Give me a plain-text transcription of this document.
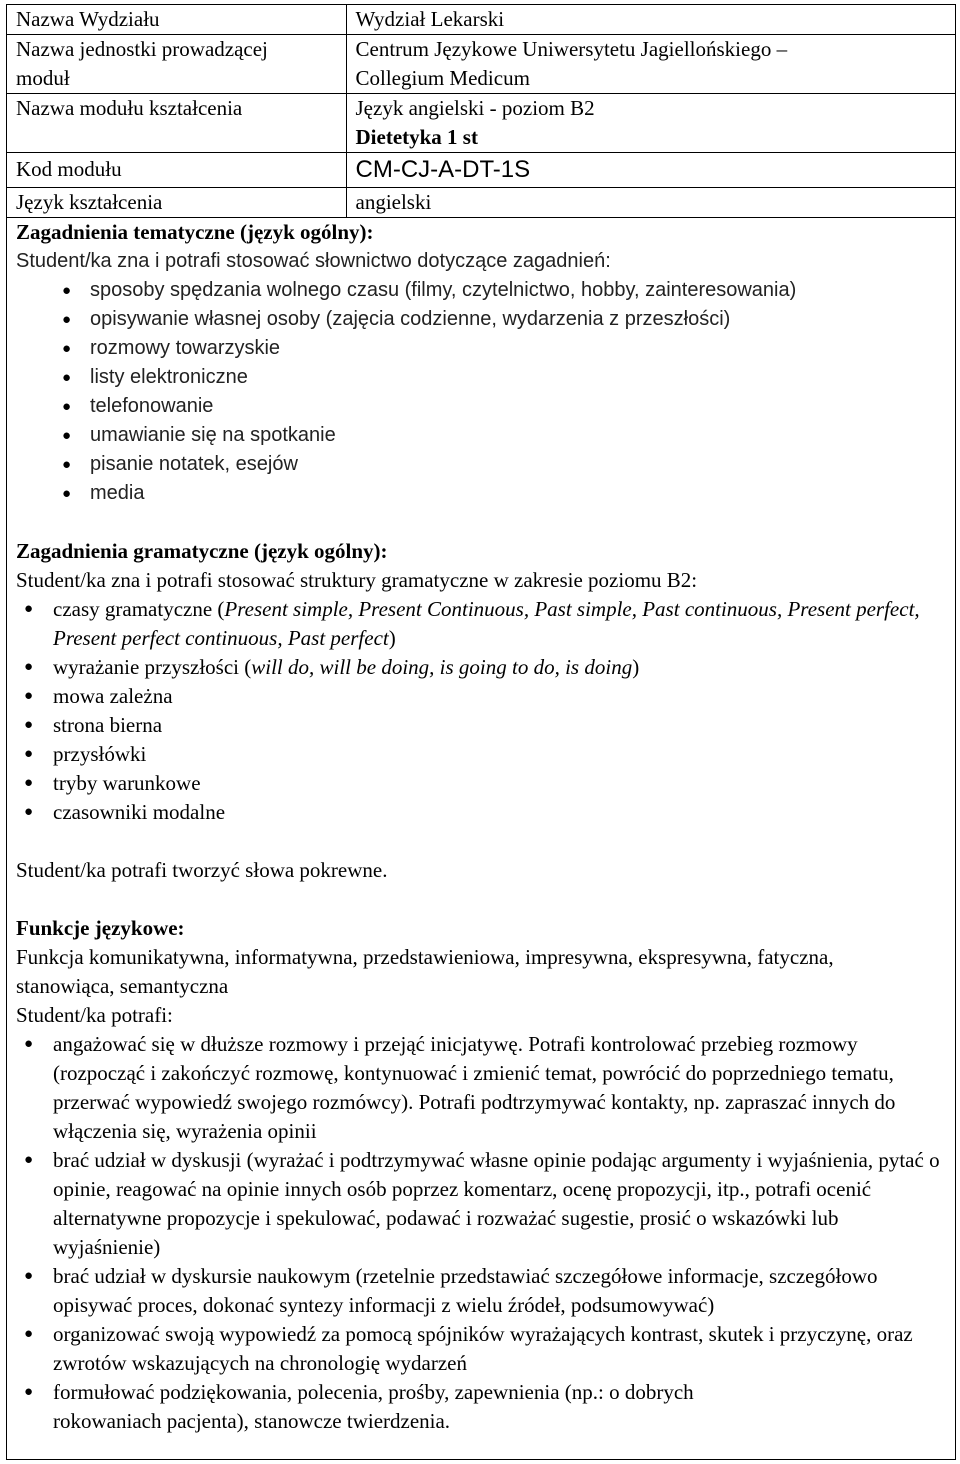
Nazwa Wydziału	Wydział Lekarski
Nazwa jednostki prowadzącej moduł	Centrum Językowe Uniwersytetu Jagiellońskiego – Collegium Medicum
Nazwa modułu kształcenia	Język angielski - poziom B2
Dietetyka 1 st

Kod modułu	CM-CJ-A-DT-1S
Język kształcenia	angielski
Zagadnienia tematyczne (język ogólny):
Student/ka zna i potrafi stosować słownictwo dotyczące zagadnień:
● sposoby spędzania wolnego czasu (filmy, czytelnictwo, hobby, zainteresowania)
● opisywanie własnej osoby (zajęcia codzienne, wydarzenia z przeszłości)
● rozmowy towarzyskie
● listy elektroniczne
● telefonowanie
● umawianie się na spotkanie
● pisanie notatek, esejów
● media
Zagadnienia gramatyczne (język ogólny):
Student/ka zna i potrafi stosować struktury gramatyczne w zakresie poziomu B2:
● czasy gramatyczne (Present simple, Present Continuous, Past simple, Past continuous, Present perfect, Present perfect continuous, Past perfect)
● wyrażanie przyszłości (will do, will be doing, is going to do, is doing)
● mowa zależna
● strona bierna
● przysłówki
● tryby warunkowe
● czasowniki modalne
Student/ka potrafi tworzyć słowa pokrewne.
Funkcje językowe:
Funkcja komunikatywna, informatywna, przedstawieniowa, impresywna, ekspresywna, fatyczna, stanowiąca, semantyczna
Student/ka potrafi:
● angażować się w dłuższe rozmowy i przejąć inicjatywę. Potrafi kontrolować przebieg rozmowy (rozpocząć i zakończyć rozmowę, kontynuować i zmienić temat, powrócić do poprzedniego tematu, przerwać wypowiedź swojego rozmówcy). Potrafi podtrzymywać kontakty, np. zapraszać innych do włączenia się, wyrażenia opinii
● brać udział w dyskusji (wyrażać i podtrzymywać własne opinie podając argumenty i wyjaśnienia, pytać o opinie, reagować na opinie innych osób poprzez komentarz, ocenę propozycji, itp., potrafi ocenić alternatywne propozycje i spekulować, podawać i rozważać sugestie, prosić o wskazówki lub wyjaśnienie)
● brać udział w dyskursie naukowym (rzetelnie przedstawiać szczegółowe informacje, szczegółowo opisywać proces, dokonać syntezy informacji z wielu źródeł, podsumowywać)
● organizować swoją wypowiedź za pomocą spójników wyrażających kontrast, skutek i przyczynę, oraz zwrotów wskazujących na chronologię wydarzeń
● formułować podziękowania, polecenia, prośby, zapewnienia (np.: o dobrych rokowaniach pacjenta), stanowcze twierdzenia.
